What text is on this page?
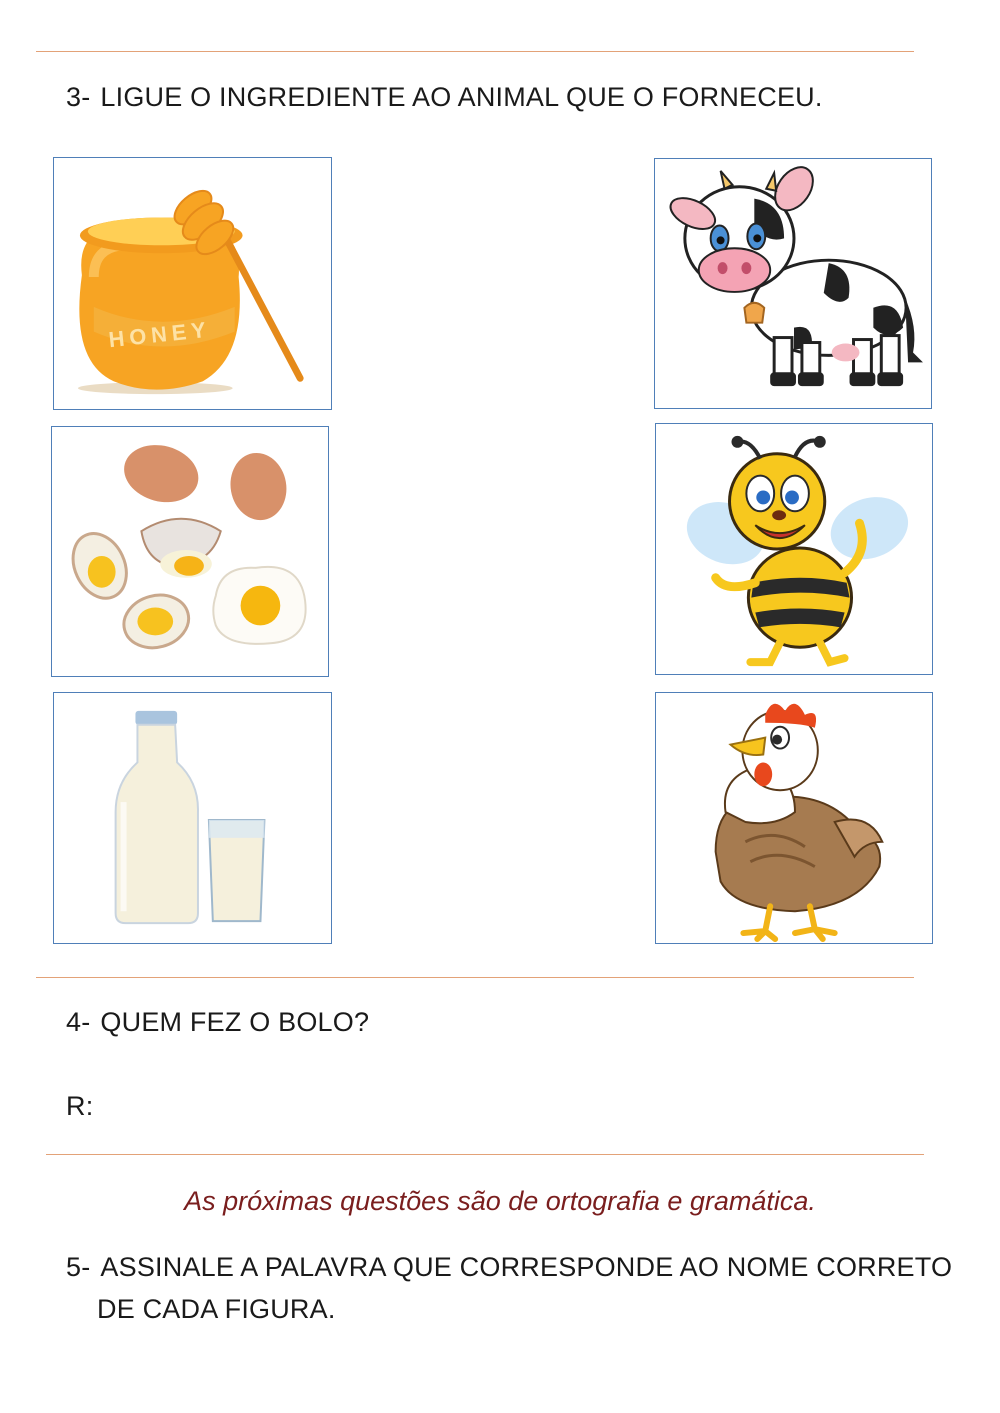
3- LIGUE O INGREDIENTE AO ANIMAL QUE O FORNECEU.
HONEY
4- QUEM FEZ O BOLO?
R:
As próximas questões são de ortografia e gramática.
5- ASSINALE A PALAVRA QUE CORRESPONDE AO NOME CORRETO
DE CADA FIGURA.
